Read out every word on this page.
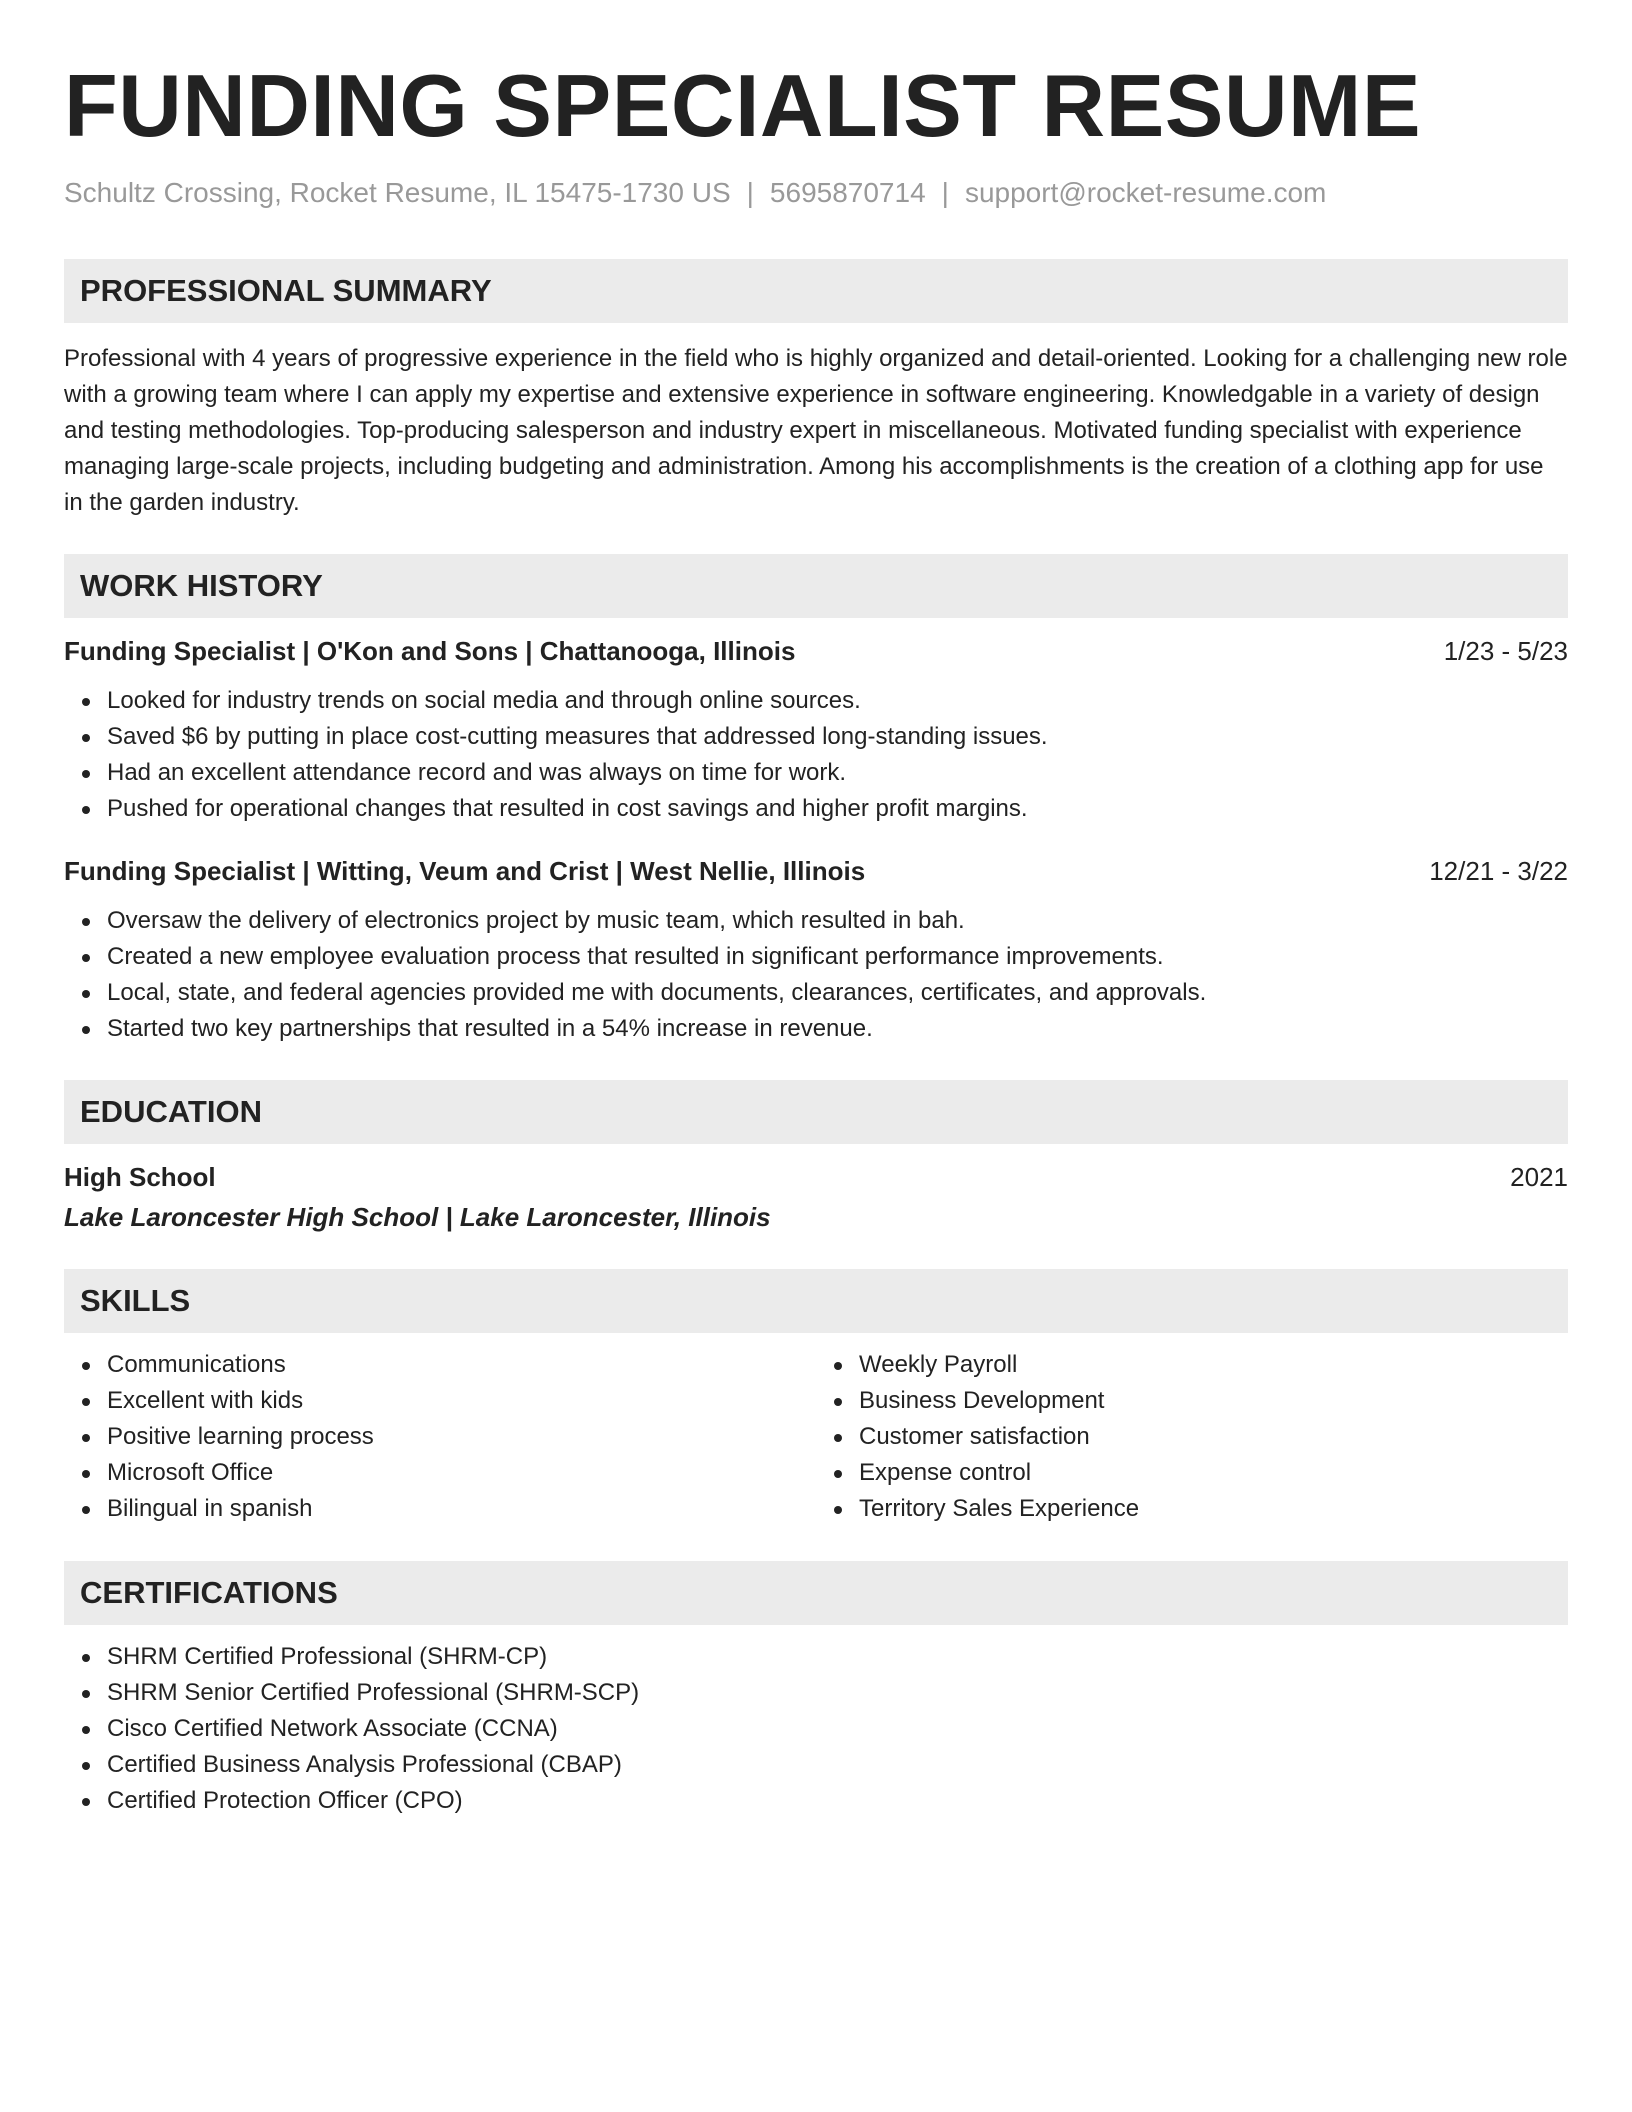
FUNDING SPECIALIST RESUME
Schultz Crossing, Rocket Resume, IL 15475-1730 US | 5695870714 | support@rocket-resume.com
PROFESSIONAL SUMMARY
Professional with 4 years of progressive experience in the field who is highly organized and detail-oriented. Looking for a challenging new role with a growing team where I can apply my expertise and extensive experience in software engineering. Knowledgable in a variety of design and testing methodologies. Top-producing salesperson and industry expert in miscellaneous. Motivated funding specialist with experience managing large-scale projects, including budgeting and administration. Among his accomplishments is the creation of a clothing app for use in the garden industry.
WORK HISTORY
Funding Specialist | O'Kon and Sons | Chattanooga, Illinois	1/23 - 5/23
Looked for industry trends on social media and through online sources.
Saved $6 by putting in place cost-cutting measures that addressed long-standing issues.
Had an excellent attendance record and was always on time for work.
Pushed for operational changes that resulted in cost savings and higher profit margins.
Funding Specialist | Witting, Veum and Crist | West Nellie, Illinois	12/21 - 3/22
Oversaw the delivery of electronics project by music team, which resulted in bah.
Created a new employee evaluation process that resulted in significant performance improvements.
Local, state, and federal agencies provided me with documents, clearances, certificates, and approvals.
Started two key partnerships that resulted in a 54% increase in revenue.
EDUCATION
High School	2021
Lake Laroncester High School | Lake Laroncester, Illinois
SKILLS
Communications
Excellent with kids
Positive learning process
Microsoft Office
Bilingual in spanish
Weekly Payroll
Business Development
Customer satisfaction
Expense control
Territory Sales Experience
CERTIFICATIONS
SHRM Certified Professional (SHRM-CP)
SHRM Senior Certified Professional (SHRM-SCP)
Cisco Certified Network Associate (CCNA)
Certified Business Analysis Professional (CBAP)
Certified Protection Officer (CPO)
